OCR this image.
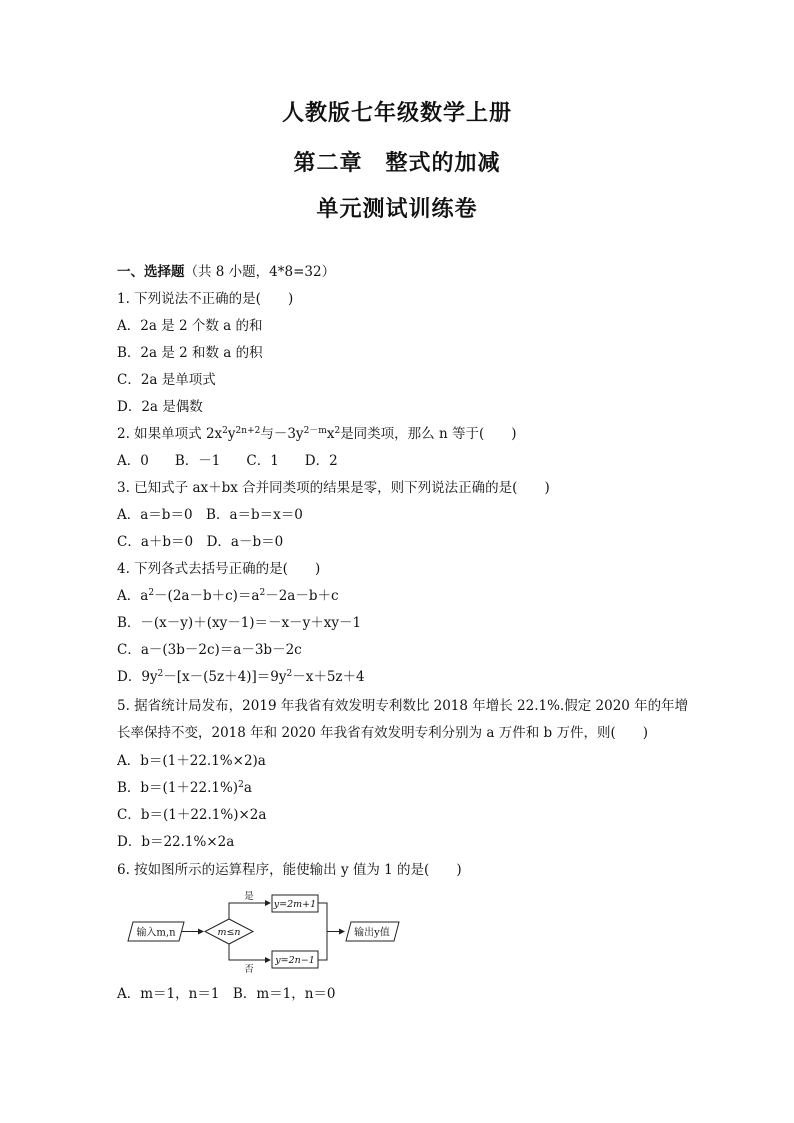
人教版七年级数学上册
第二章　整式的加减
单元测试训练卷
一、选择题（共 8 小题，4*8=32）
1. 下列说法不正确的是(　　)
A．2a 是 2 个数 a 的和
B．2a 是 2 和数 a 的积
C．2a 是单项式
D．2a 是偶数
2. 如果单项式 $2x^2y^{2n+2}$与$-3y^{2-m}x^2$是同类项，那么 n 等于(　　)
A．0 B．－1 C．1 D．2
3. 已知式子 ax＋bx 合并同类项的结果是零，则下列说法正确的是(　　)
A．a＝b＝0　B．a＝b＝x＝0
C．a＋b＝0　D．a－b＝0
4. 下列各式去括号正确的是(　　)
A．$a^2-(2a-b+c)=a^2-2a-b+c$
B．－(x－y)＋(xy－1)＝－x－y＋xy－1
C．a－(3b－2c)＝a－3b－2c
D．$9y^2-[x-(5z+4)]=9y^2-x+5z+4$
5. 据省统计局发布，2019 年我省有效发明专利数比 2018 年增长 22.1%.假定 2020 年的年增
长率保持不变，2018 年和 2020 年我省有效发明专利分别为 a 万件和 b 万件，则(　　)
A．b＝(1＋22.1%×2)a
B．$b=(1+22.1\%)^2a$
C．b＝(1＋22.1%)×2a
D．b＝22.1%×2a
6. 按如图所示的运算程序，能使输出 y 值为 1 的是(　　)
输入m,n	m≤n
是
y=2m+1
否
y=2n−1
输出y值
A．m＝1，n＝1　B．m＝1，n＝0
